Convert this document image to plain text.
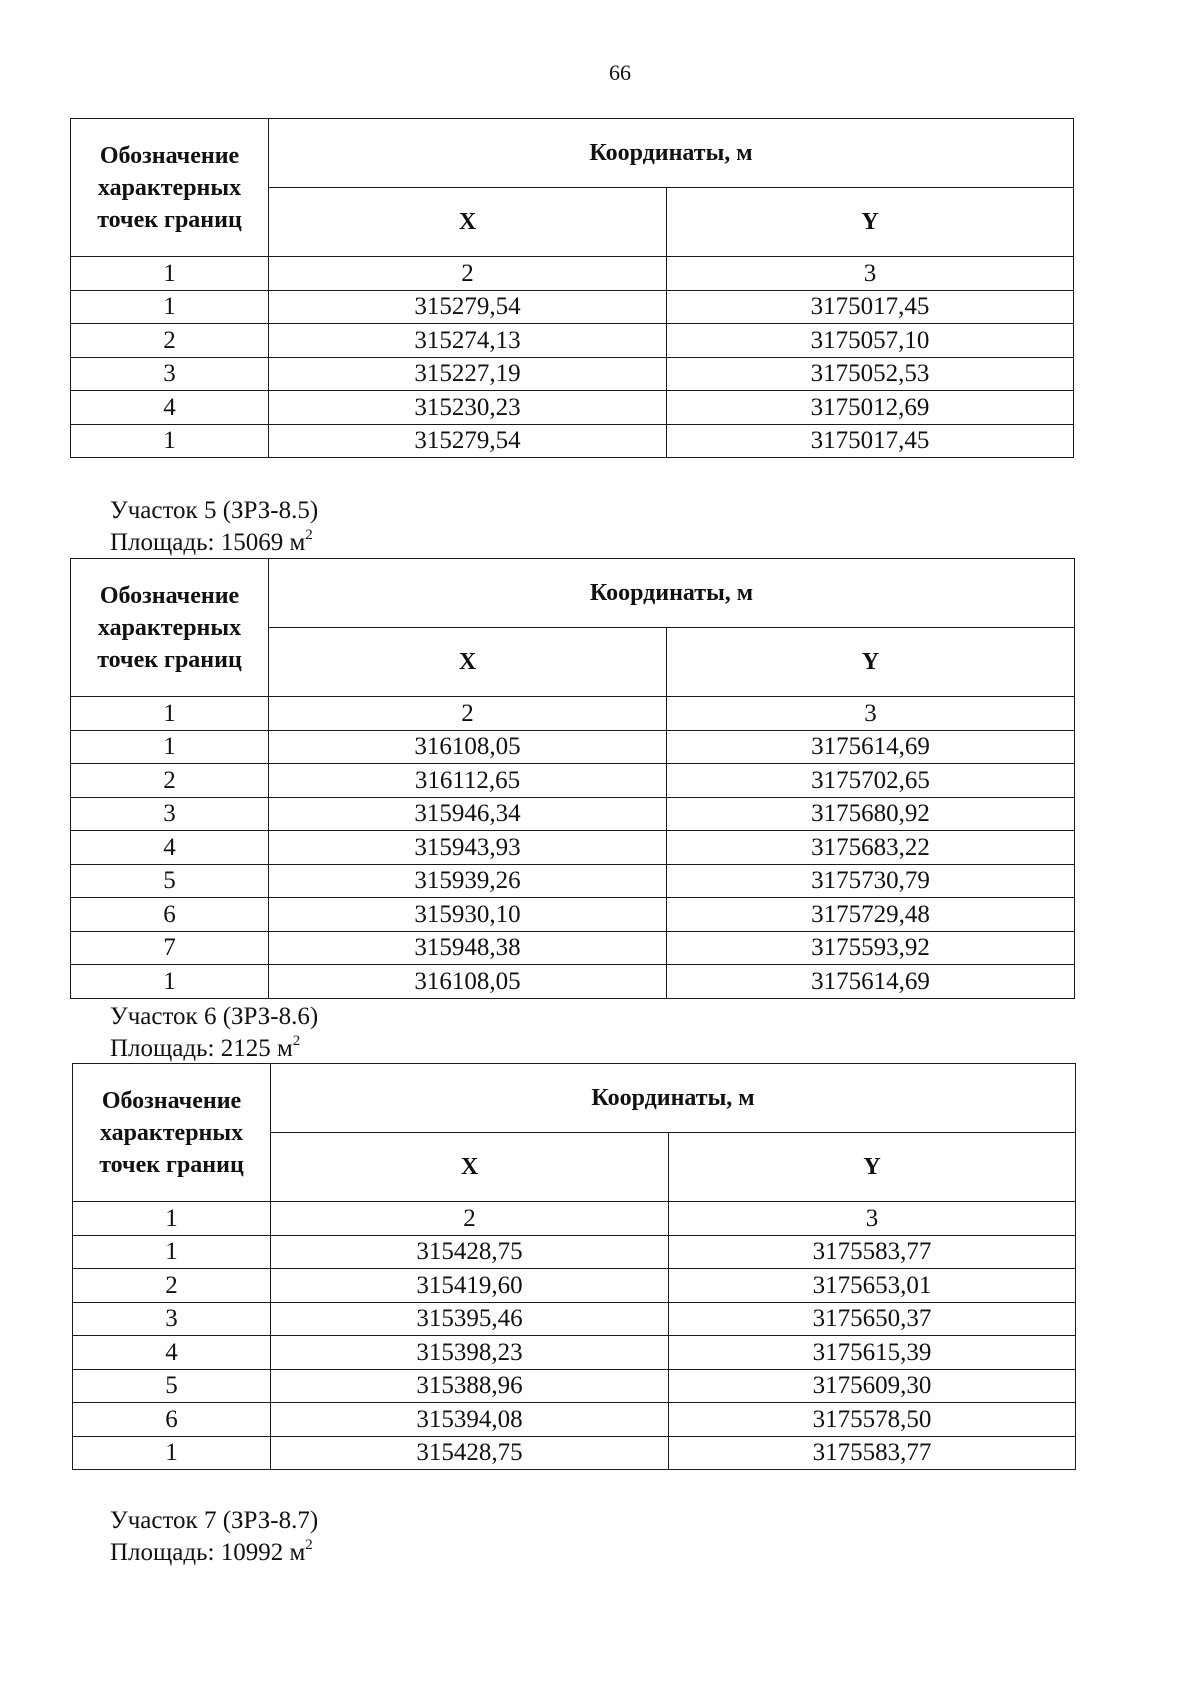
66
Обозначение характерных точек границ	Координаты, м	
	X	Y
1	2	3
1	315279,54	3175017,45
2	315274,13	3175057,10
3	315227,19	3175052,53
4	315230,23	3175012,69
1	315279,54	3175017,45
Участок 5 (ЗРЗ-8.5)
Площадь: 15069 $м^2$
Обозначение характерных точек границ	Координаты, м	
	X	Y
1	2	3
1	316108,05	3175614,69
2	316112,65	3175702,65
3	315946,34	3175680,92
4	315943,93	3175683,22
5	315939,26	3175730,79
6	315930,10	3175729,48
7	315948,38	3175593,92
1	316108,05	3175614,69
Участок 6 (ЗРЗ-8.6)
Площадь: 2125 $м^2$
Обозначение характерных точек границ	Координаты, м	
	X	Y
1	2	3
1	315428,75	3175583,77
2	315419,60	3175653,01
3	315395,46	3175650,37
4	315398,23	3175615,39
5	315388,96	3175609,30
6	315394,08	3175578,50
1	315428,75	3175583,77
Участок 7 (ЗРЗ-8.7)
Площадь: 10992 $м^2$
